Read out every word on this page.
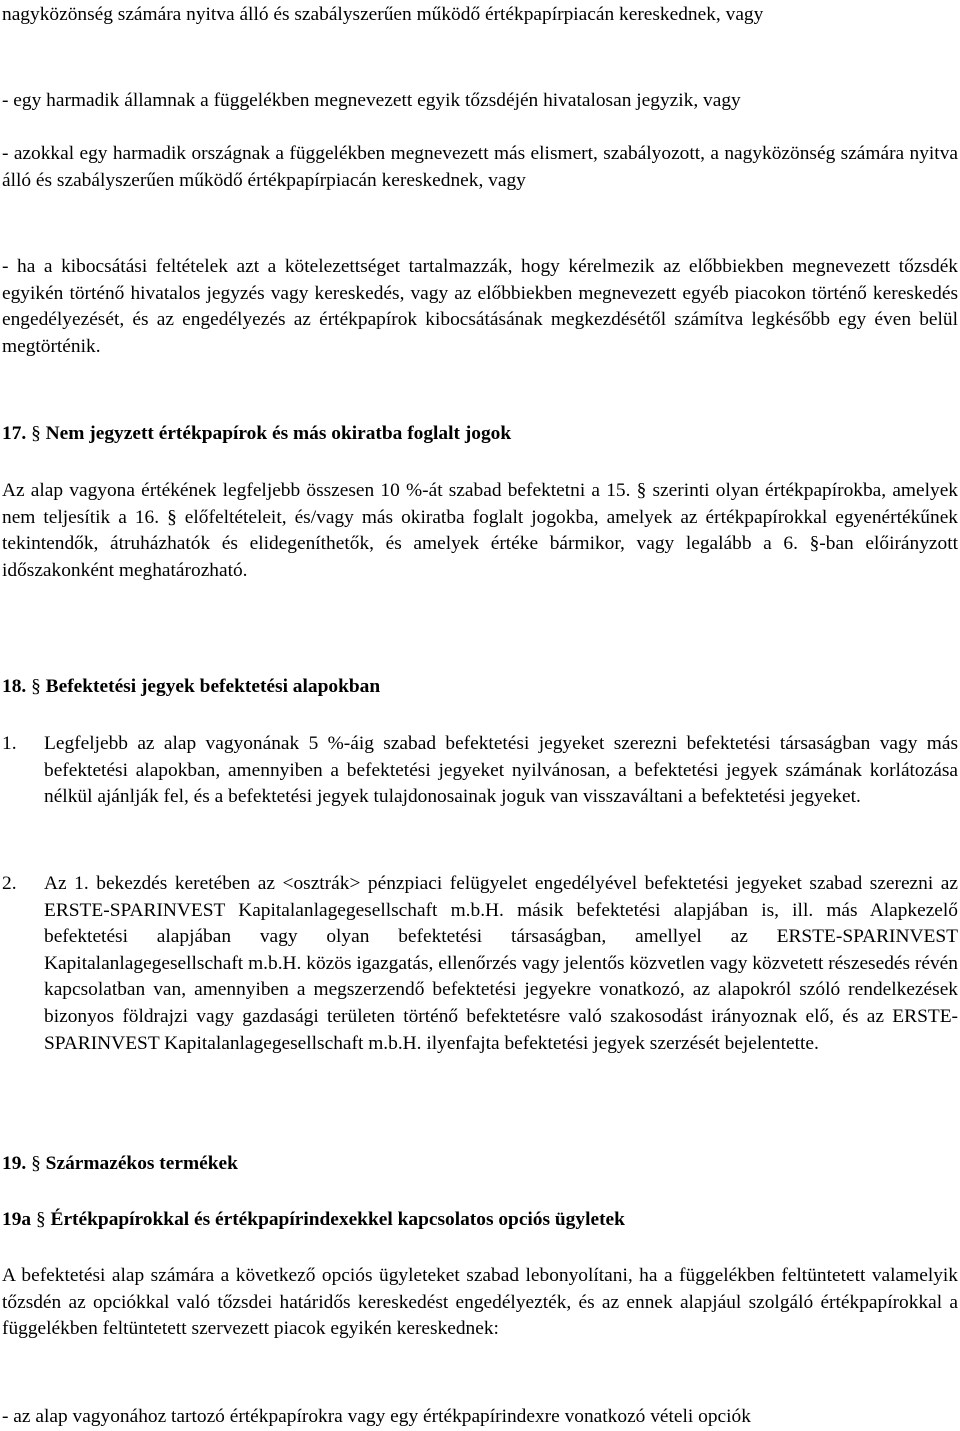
nagyközönség számára nyitva álló és szabályszerűen működő értékpapírpiacán kereskednek, vagy

- egy harmadik államnak a függelékben megnevezett egyik tőzsdéjén hivatalosan jegyzik, vagy

- azokkal egy harmadik országnak a függelékben megnevezett más elismert, szabályozott, a nagyközönség számára nyitva álló és szabályszerűen működő értékpapírpiacán kereskednek, vagy

- ha a kibocsátási feltételek azt a kötelezettséget tartalmazzák, hogy kérelmezik az előbbiekben megnevezett tőzsdék egyikén történő hivatalos jegyzés vagy kereskedés, vagy az előbbiekben megnevezett egyéb piacokon történő kereskedés engedélyezését, és az engedélyezés az értékpapírok kibocsátásának megkezdésétől számítva legkésőbb egy éven belül megtörténik.

17. § Nem jegyzett értékpapírok és más okiratba foglalt jogok

Az alap vagyona értékének legfeljebb összesen 10 %-át szabad befektetni a 15. § szerinti olyan értékpapírokba, amelyek nem teljesítik a 16. § előfeltételeit, és/vagy más okiratba foglalt jogokba, amelyek az értékpapírokkal egyenértékűnek tekintendők, átruházhatók és elidegeníthetők, és amelyek értéke bármikor, vagy legalább a 6. §-ban előirányzott időszakonként meghatározható.

18. § Befektetési jegyek befektetési alapokban

1. Legfeljebb az alap vagyonának 5 %-áig szabad befektetési jegyeket szerezni befektetési társaságban vagy más befektetési alapokban, amennyiben a befektetési jegyeket nyilvánosan, a befektetési jegyek számának korlátozása nélkül ajánlják fel, és a befektetési jegyek tulajdonosainak joguk van visszaváltani a befektetési jegyeket.

2. Az 1. bekezdés keretében az <osztrák> pénzpiaci felügyelet engedélyével befektetési jegyeket szabad szerezni az ERSTE-SPARINVEST Kapitalanlagegesellschaft m.b.H. másik befektetési alapjában is, ill. más Alapkezelő befektetési alapjában vagy olyan befektetési társaságban, amellyel az ERSTE-SPARINVEST Kapitalanlagegesellschaft m.b.H. közös igazgatás, ellenőrzés vagy jelentős közvetlen vagy közvetett részesedés révén kapcsolatban van, amennyiben a megszerzendő befektetési jegyekre vonatkozó, az alapokról szóló rendelkezések bizonyos földrajzi vagy gazdasági területen történő befektetésre való szakosodást irányoznak elő, és az ERSTE-SPARINVEST Kapitalanlagegesellschaft m.b.H. ilyenfajta befektetési jegyek szerzését bejelentette.

19. § Származékos termékek

19a § Értékpapírokkal és értékpapírindexekkel kapcsolatos opciós ügyletek

A befektetési alap számára a következő opciós ügyleteket szabad lebonyolítani, ha a függelékben feltüntetett valamelyik tőzsdén az opciókkal való tőzsdei határidős kereskedést engedélyezték, és az ennek alapjául szolgáló értékpapírokkal a függelékben feltüntetett szervezett piacok egyikén kereskednek:

- az alap vagyonához tartozó értékpapírokra vagy egy értékpapírindexre vonatkozó vételi opciók
